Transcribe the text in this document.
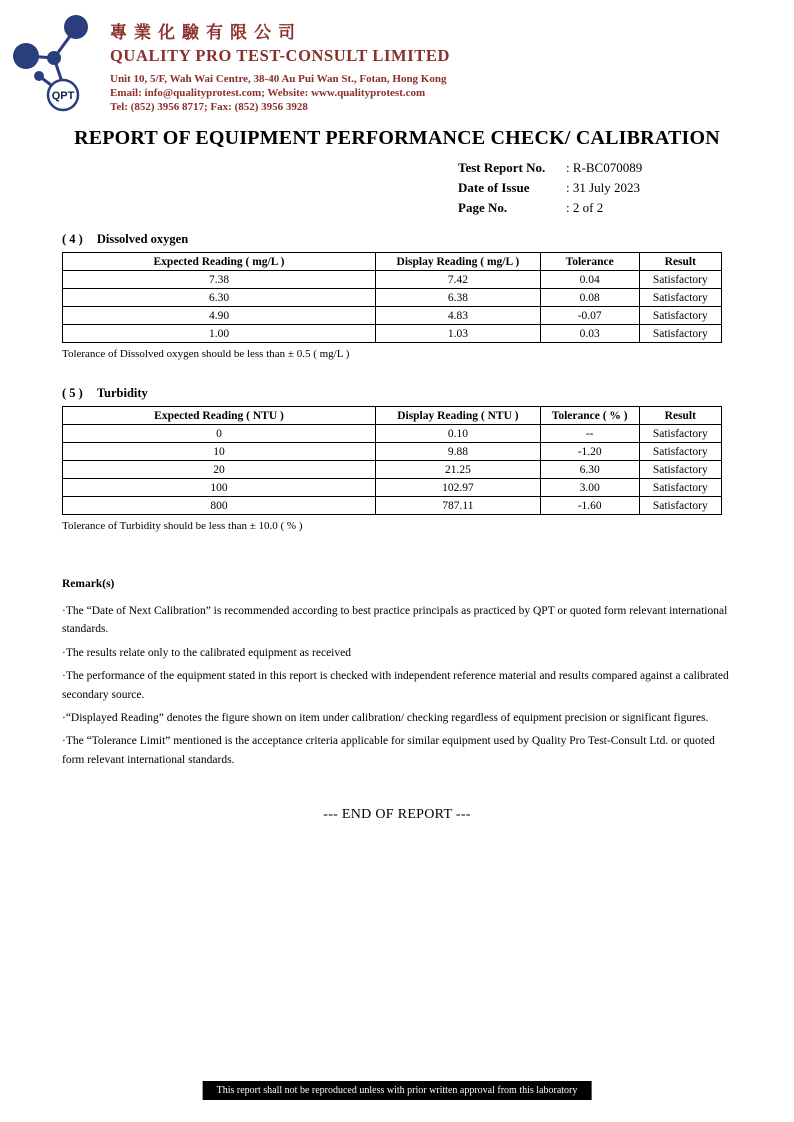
QPT
專業化驗有限公司
QUALITY PRO TEST-CONSULT LIMITED
Unit 10, 5/F, Wah Wai Centre, 38-40 Au Pui Wan St., Fotan, Hong Kong
Email: info@qualityprotest.com; Website: www.qualityprotest.com
Tel: (852) 3956 8717; Fax: (852) 3956 3928
REPORT OF EQUIPMENT PERFORMANCE CHECK/ CALIBRATION
Test Report No.	: R-BC070089
Date of Issue	: 31 July 2023
Page No.	: 2 of 2
( 4 ) Dissolved oxygen
Expected Reading ( mg/L )	Display Reading ( mg/L )	Tolerance	Result
7.38	7.42	0.04	Satisfactory
6.30	6.38	0.08	Satisfactory
4.90	4.83	-0.07	Satisfactory
1.00	1.03	0.03	Satisfactory
Tolerance of Dissolved oxygen should be less than ± 0.5 ( mg/L )
( 5 ) Turbidity
Expected Reading ( NTU )	Display Reading ( NTU )	Tolerance ( % )	Result
0	0.10	--	Satisfactory
10	9.88	-1.20	Satisfactory
20	21.25	6.30	Satisfactory
100	102.97	3.00	Satisfactory
800	787.11	-1.60	Satisfactory
Tolerance of Turbidity should be less than ± 10.0 ( % )
Remark(s)
·The “Date of Next Calibration” is recommended according to best practice principals as practiced by QPT or quoted form relevant international standards.
·The results relate only to the calibrated equipment as received
·The performance of the equipment stated in this report is checked with independent reference material and results compared against a calibrated secondary source.
·“Displayed Reading” denotes the figure shown on item under calibration/ checking regardless of equipment precision or significant figures.
·The “Tolerance Limit” mentioned is the acceptance criteria applicable for similar equipment used by Quality Pro Test-Consult Ltd. or quoted form relevant international standards.
--- END OF REPORT ---
This report shall not be reproduced unless with prior written approval from this laboratory
